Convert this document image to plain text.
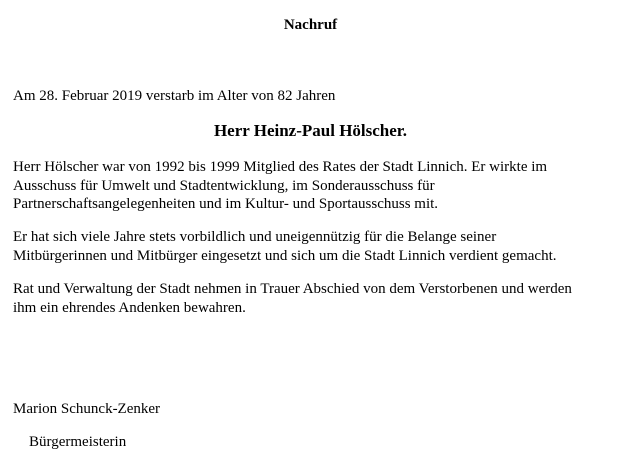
Nachruf
Am 28. Februar 2019 verstarb im Alter von 82 Jahren
Herr Heinz-Paul Hölscher.
Herr Hölscher war von 1992 bis 1999 Mitglied des Rates der Stadt Linnich. Er wirkte im
Ausschuss für Umwelt und Stadtentwicklung, im Sonderausschuss für
Partnerschaftsangelegenheiten und im Kultur- und Sportausschuss mit.
Er hat sich viele Jahre stets vorbildlich und uneigennützig für die Belange seiner
Mitbürgerinnen und Mitbürger eingesetzt und sich um die Stadt Linnich verdient gemacht.
Rat und Verwaltung der Stadt nehmen in Trauer Abschied von dem Verstorbenen und werden
ihm ein ehrendes Andenken bewahren.
Marion Schunck-Zenker
Bürgermeisterin
